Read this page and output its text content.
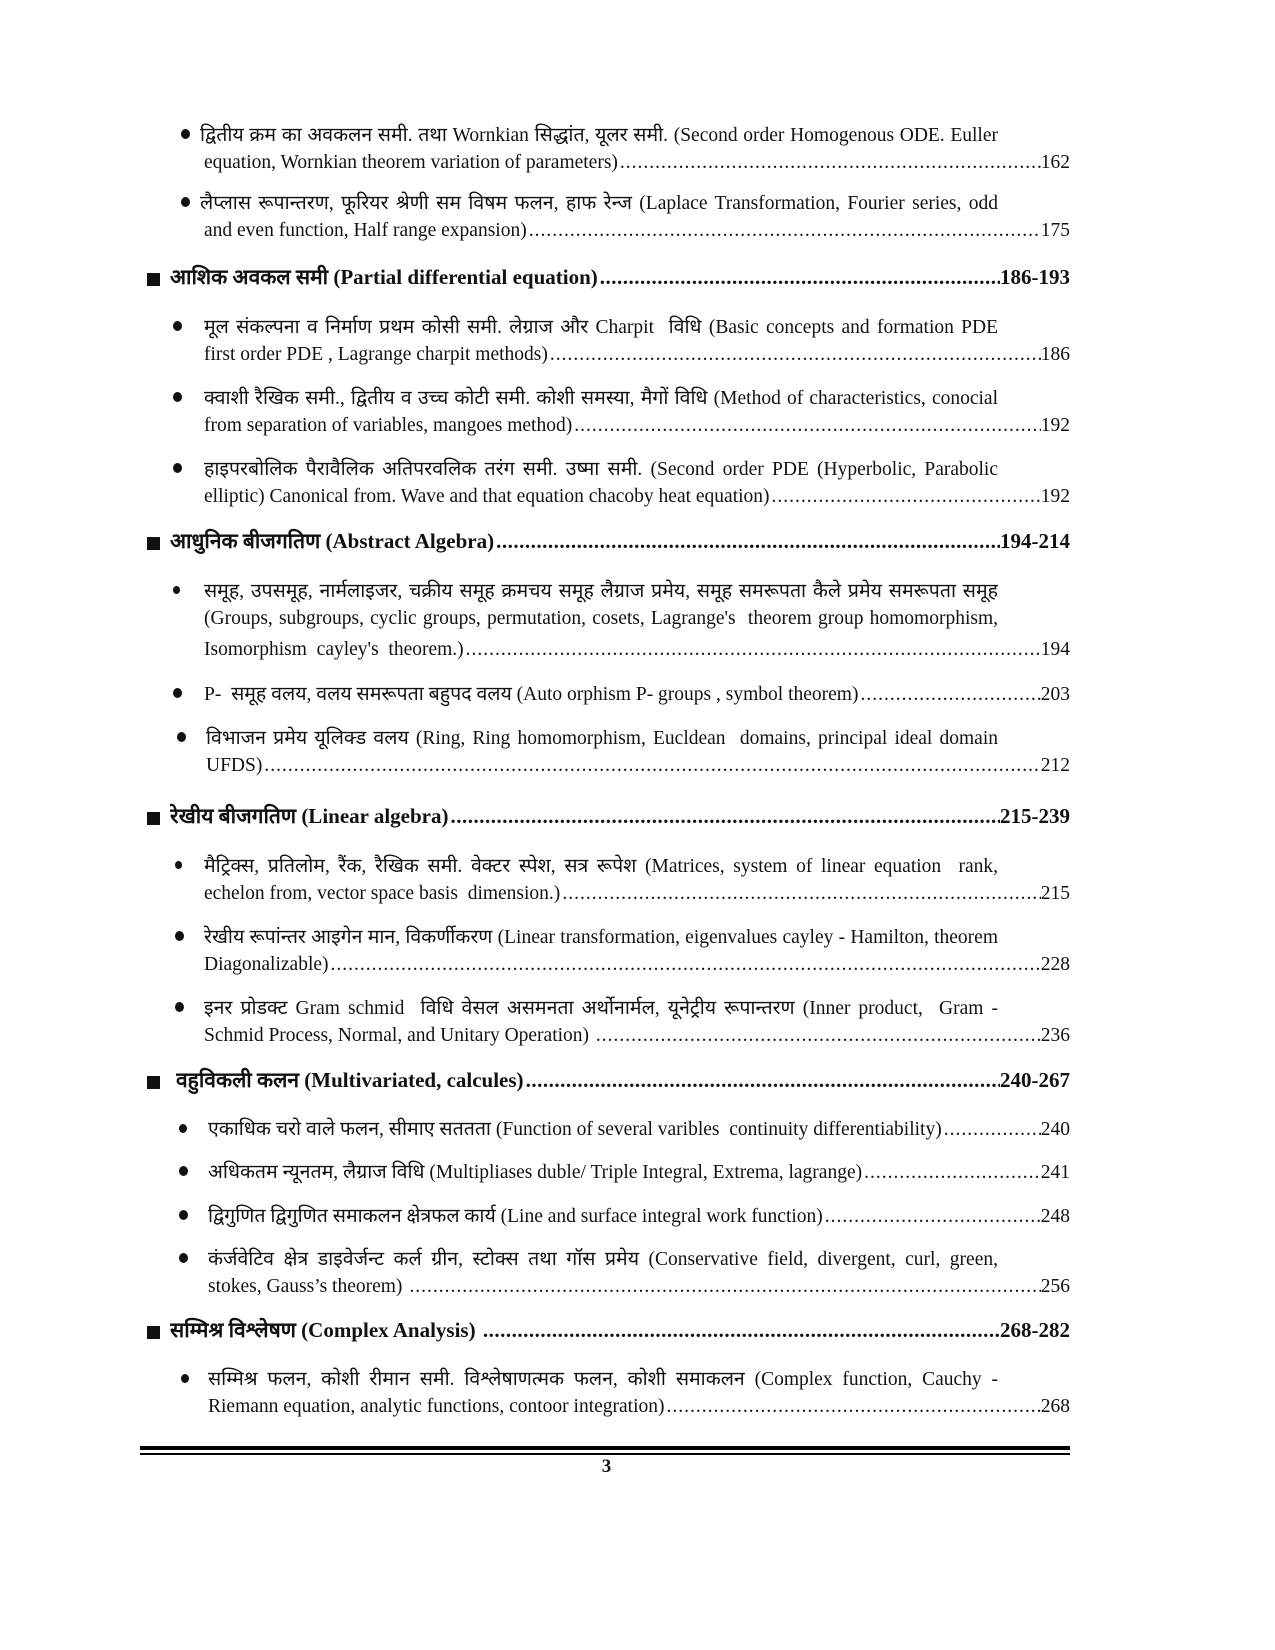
द्वितीय क्रम का अवकलन समी. तथा Wornkian सिद्धांत, यूलर समी. (Second order Homogenous ODE. Euller
equation, Wornkian theorem variation of parameters) .....	162
लैप्लास रूपान्तरण, फूरियर श्रेणी सम विषम फलन, हाफ रेन्ज (Laplace Transformation, Fourier series, odd
and even function, Half range expansion) .....	175
आशिक अवकल समी (Partial differential equation) .....	186-193
मूल संकल्पना व निर्माण प्रथम कोसी समी. लेग्राज और Charpit  विधि (Basic concepts and formation PDE
first order PDE , Lagrange charpit methods) .....	186
क्वाशी रैखिक समी., द्वितीय व उच्च कोटी समी. कोशी समस्या, मैगों विधि (Method of characteristics, conocial
from separation of variables, mangoes method) .....	192
हाइपरबोलिक पैरावैलिक अतिपरवलिक तरंग समी. उष्मा समी. (Second order PDE (Hyperbolic, Parabolic
elliptic) Canonical from. Wave and that equation chacoby heat equation) .....	192
आधुनिक बीजगतिण (Abstract Algebra) .....	194-214
समूह, उपसमूह, नार्मलाइजर, चक्रीय समूह क्रमचय समूह लैग्राज प्रमेय, समूह समरूपता कैले प्रमेय समरूपता समूह
(Groups, subgroups, cyclic groups, permutation, cosets, Lagrange's  theorem group homomorphism,
Isomorphism  cayley's  theorem.) .....	194
P-  समूह वलय, वलय समरूपता बहुपद वलय (Auto orphism P- groups , symbol theorem) .....	203
विभाजन प्रमेय यूलिक्ड वलय (Ring, Ring homomorphism, Eucldean  domains, principal ideal domain
UFDS) .....	212
रेखीय बीजगतिण (Linear algebra) .....	215-239
मैट्रिक्स, प्रतिलोम, रैंक, रैखिक समी. वेक्टर स्पेश, सत्र रूपेश (Matrices, system of linear equation  rank,
echelon from, vector space basis  dimension.) .....	215
रेखीय रूपांन्तर आइगेन मान, विकर्णीकरण (Linear transformation, eigenvalues cayley - Hamilton, theorem
Diagonalizable) .....	228
इनर प्रोडक्ट Gram schmid  विधि वेसल असमनता अर्थोनार्मल, यूनेट्रीय रूपान्तरण (Inner product,  Gram -
Schmid Process, Normal, and Unitary Operation) .....	236
वहुविकली कलन (Multivariated, calcules) .....	240-267
एकाधिक चरो वाले फलन, सीमाए सततता (Function of several varibles  continuity differentiability) .....	240
अधिकतम न्यूनतम, लैग्राज विधि (Multipliases duble/ Triple Integral, Extrema, lagrange) .....	241
द्विगुणित द्विगुणित समाकलन क्षेत्रफल कार्य (Line and surface integral work function) .....	248
कंर्जवेटिव क्षेत्र डाइवेर्जन्ट कर्ल ग्रीन, स्टोक्स तथा गॉस प्रमेय (Conservative field, divergent, curl, green,
stokes, Gauss’s theorem) .....	256
सम्मिश्र विश्लेषण (Complex Analysis) .....	268-282
सम्मिश्र फलन, कोशी रीमान समी. विश्लेषाणत्मक फलन, कोशी समाकलन (Complex function, Cauchy -
Riemann equation, analytic functions, contoor integration) .....	268
3
